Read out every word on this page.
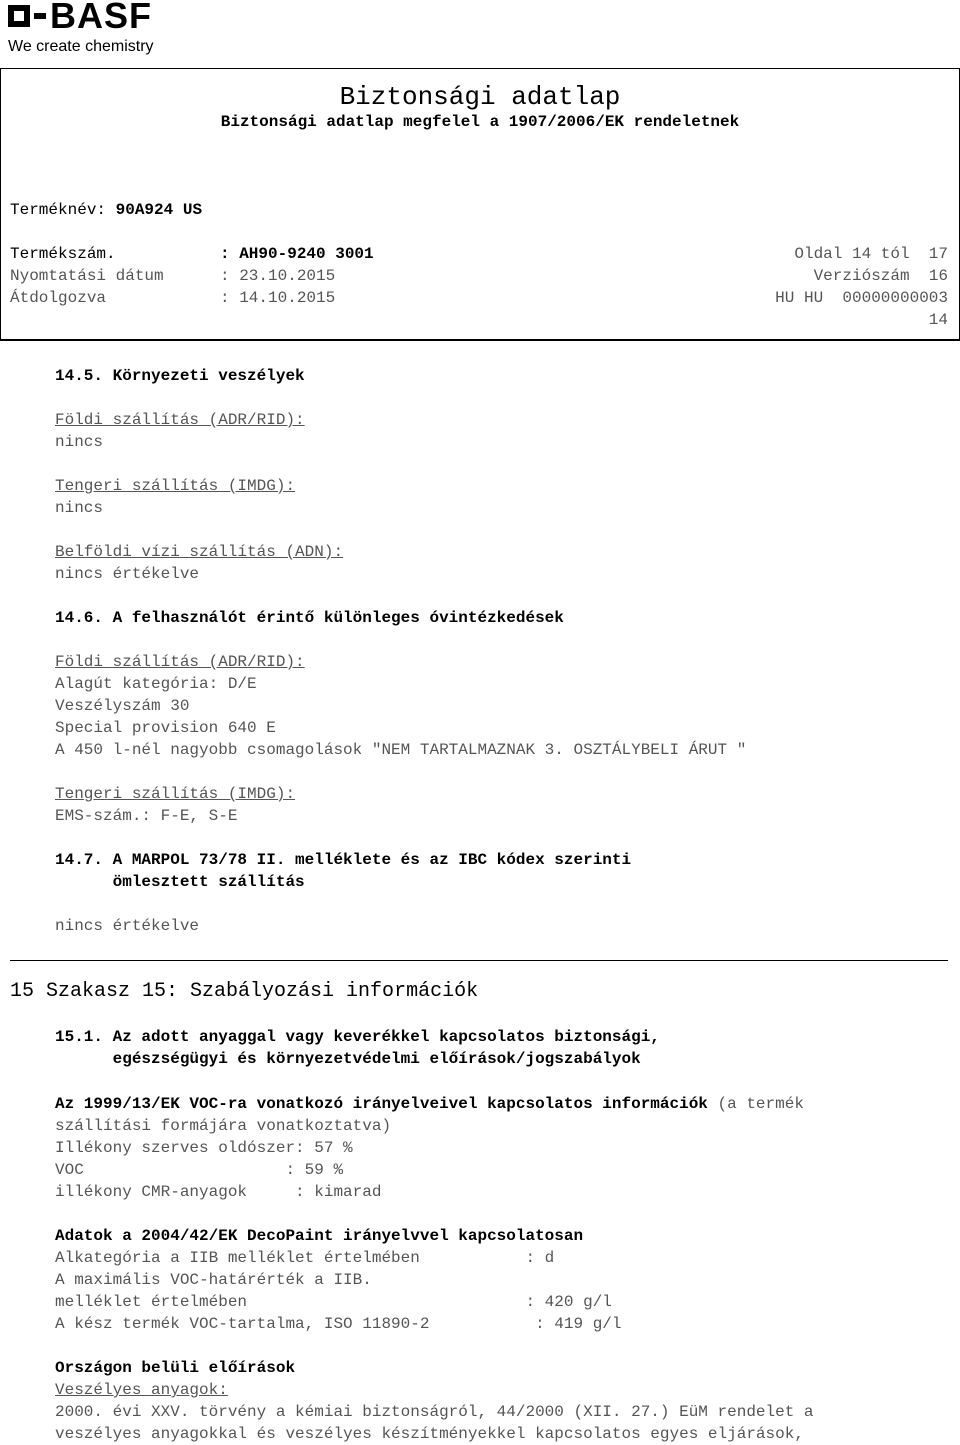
BASF
We create chemistry
Biztonsági adatlap
Biztonsági adatlap megfelel a 1907/2006/EK rendeletnek
Terméknév: 90A924 US
Termékszám.	: AH90-9240 3001
Nyomtatási dátum	: 23.10.2015
Átdolgozva	: 14.10.2015
Oldal 14 tól  17
Verziószám  16
HU HU  00000000003
14
14.5. Környezeti veszélyek
Földi szállítás (ADR/RID):
nincs
Tengeri szállítás (IMDG):
nincs
Belföldi vízi szállítás (ADN):
nincs értékelve
14.6. A felhasználót érintő különleges óvintézkedések
Földi szállítás (ADR/RID):
Alagút kategória: D/E
Veszélyszám 30
Special provision 640 E
A 450 l-nél nagyobb csomagolások "NEM TARTALMAZNAK 3. OSZTÁLYBELI ÁRUT "
Tengeri szállítás (IMDG):
EMS-szám.: F-E, S-E
14.7. A MARPOL 73/78 II. melléklete és az IBC kódex szerinti
ömlesztett szállítás
nincs értékelve
15 Szakasz 15: Szabályozási információk
15.1. Az adott anyaggal vagy keverékkel kapcsolatos biztonsági,
egészségügyi és környezetvédelmi előírások/jogszabályok
Az 1999/13/EK VOC-ra vonatkozó irányelveivel kapcsolatos információk (a termék
szállítási formájára vonatkoztatva)
Illékony szerves oldószer: 57 %
VOC                     : 59 %
illékony CMR-anyagok     : kimarad
Adatok a 2004/42/EK DecoPaint irányelvvel kapcsolatosan
Alkategória a IIB melléklet értelmében           : d
A maximális VOC-határérték a IIB.
melléklet értelmében                             : 420 g/l
A kész termék VOC-tartalma, ISO 11890-2           : 419 g/l
Országon belüli előírások
Veszélyes anyagok:
2000. évi XXV. törvény a kémiai biztonságról, 44/2000 (XII. 27.) EüM rendelet a
veszélyes anyagokkal és veszélyes készítményekkel kapcsolatos egyes eljárások,
